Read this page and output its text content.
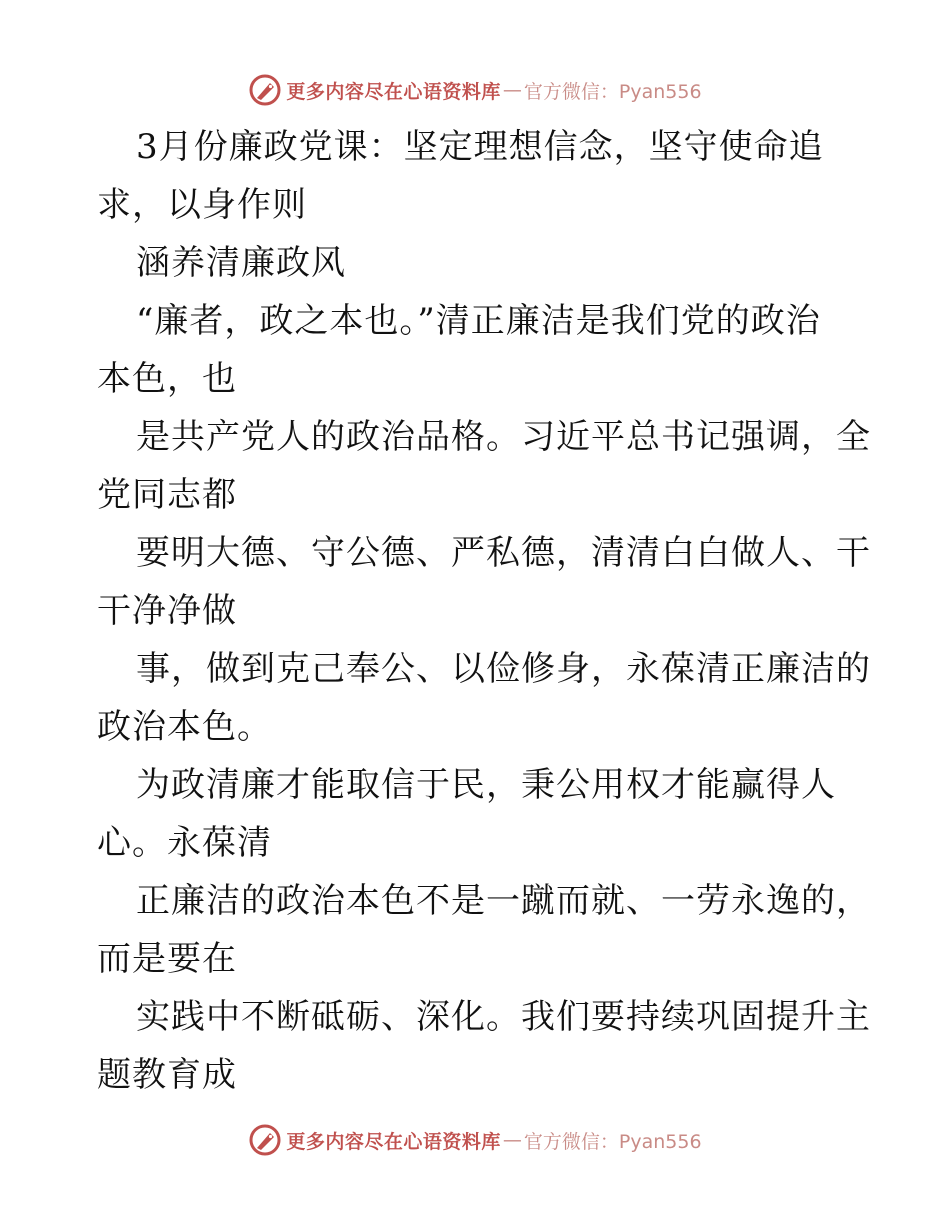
更多内容尽在心语资料库 — 官方微信：Pyan556
3月份廉政党课：坚定理想信念，坚守使命追
求，以身作则
涵养清廉政风
“廉者，政之本也。”清正廉洁是我们党的政治
本色，也
是共产党人的政治品格。习近平总书记强调，全
党同志都
要明大德、守公德、严私德，清清白白做人、干
干净净做
事，做到克己奉公、以俭修身，永葆清正廉洁的
政治本色。
为政清廉才能取信于民，秉公用权才能赢得人
心。永葆清
正廉洁的政治本色不是一蹴而就、一劳永逸的，
而是要在
实践中不断砥砺、深化。我们要持续巩固提升主
题教育成
更多内容尽在心语资料库 — 官方微信：Pyan556
